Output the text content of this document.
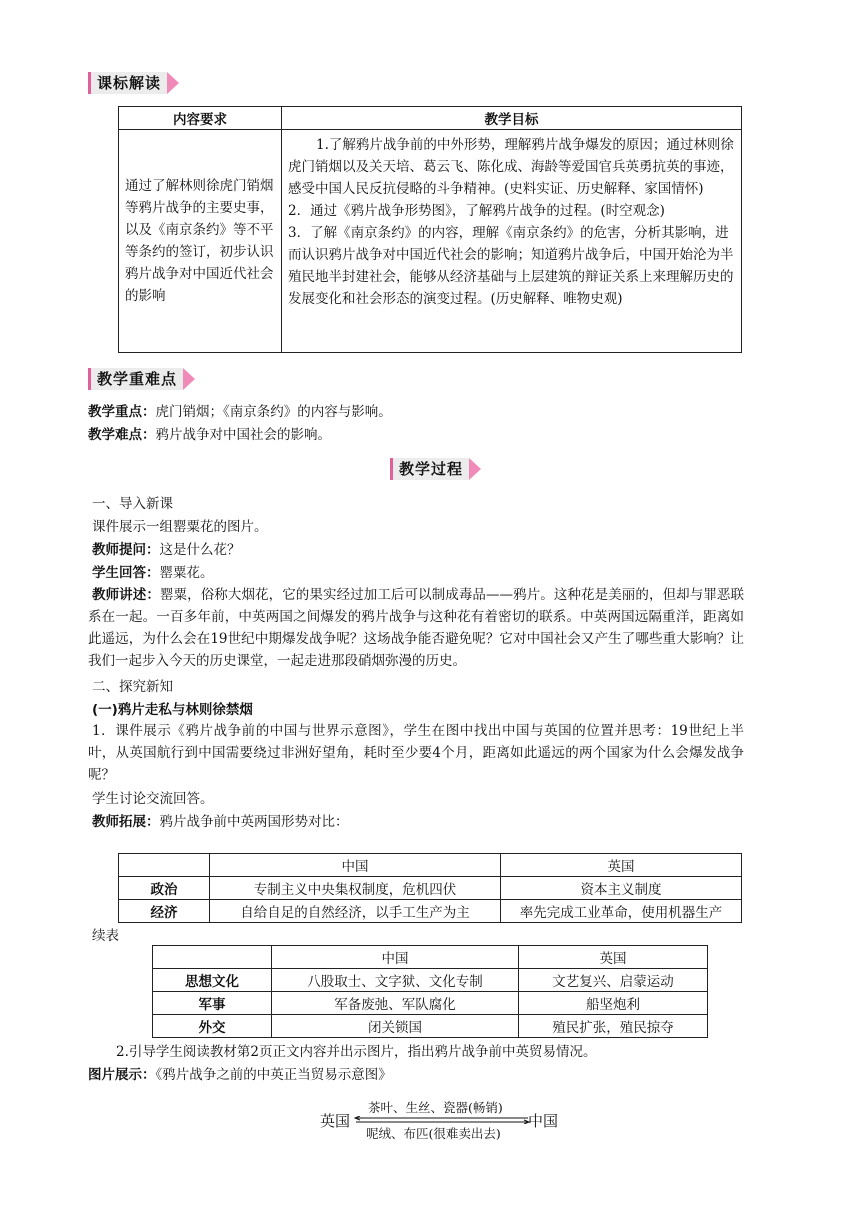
课标解读
内容要求	教学目标
通过了解林则徐虎门销烟等鸦片战争的主要史事，以及《南京条约》等不平等条约的签订，初步认识鸦片战争对中国近代社会的影响	1.了解鸦片战争前的中外形势，理解鸦片战争爆发的原因；通过林则徐虎门销烟以及关天培、葛云飞、陈化成、海龄等爱国官兵英勇抗英的事迹，感受中国人民反抗侵略的斗争精神。(史料实证、历史解释、家国情怀)
2．通过《鸦片战争形势图》，了解鸦片战争的过程。(时空观念)
3．了解《南京条约》的内容，理解《南京条约》的危害，分析其影响，进而认识鸦片战争对中国近代社会的影响；知道鸦片战争后，中国开始沦为半殖民地半封建社会，能够从经济基础与上层建筑的辩证关系上来理解历史的发展变化和社会形态的演变过程。(历史解释、唯物史观)
教学重难点
教学重点：虎门销烟；《南京条约》的内容与影响。
教学难点：鸦片战争对中国社会的影响。
教学过程
一、导入新课
课件展示一组罂粟花的图片。
教师提问：这是什么花？
学生回答：罂粟花。
教师讲述：罂粟，俗称大烟花，它的果实经过加工后可以制成毒品——鸦片。这种花是美丽的，但却与罪恶联系在一起。一百多年前，中英两国之间爆发的鸦片战争与这种花有着密切的联系。中英两国远隔重洋，距离如此遥远，为什么会在19世纪中期爆发战争呢？这场战争能否避免呢？它对中国社会又产生了哪些重大影响？让我们一起步入今天的历史课堂，一起走进那段硝烟弥漫的历史。
二、探究新知
(一)鸦片走私与林则徐禁烟
1．课件展示《鸦片战争前的中国与世界示意图》，学生在图中找出中国与英国的位置并思考：19世纪上半叶，从英国航行到中国需要绕过非洲好望角，耗时至少要4个月，距离如此遥远的两个国家为什么会爆发战争呢？
学生讨论交流回答。
教师拓展：鸦片战争前中英两国形势对比：
	中国	英国
政治	专制主义中央集权制度，危机四伏	资本主义制度
经济	自给自足的自然经济，以手工生产为主	率先完成工业革命，使用机器生产
续表
	中国	英国
思想文化	八股取士、文字狱、文化专制	文艺复兴、启蒙运动
军事	军备废弛、军队腐化	船坚炮利
外交	闭关锁国	殖民扩张，殖民掠夺
2.引导学生阅读教材第2页正文内容并出示图片，指出鸦片战争前中英贸易情况。
图片展示：《鸦片战争之前的中英正当贸易示意图》
英国
茶叶、生丝、瓷器(畅销)
呢绒、布匹(很难卖出去)
中国
